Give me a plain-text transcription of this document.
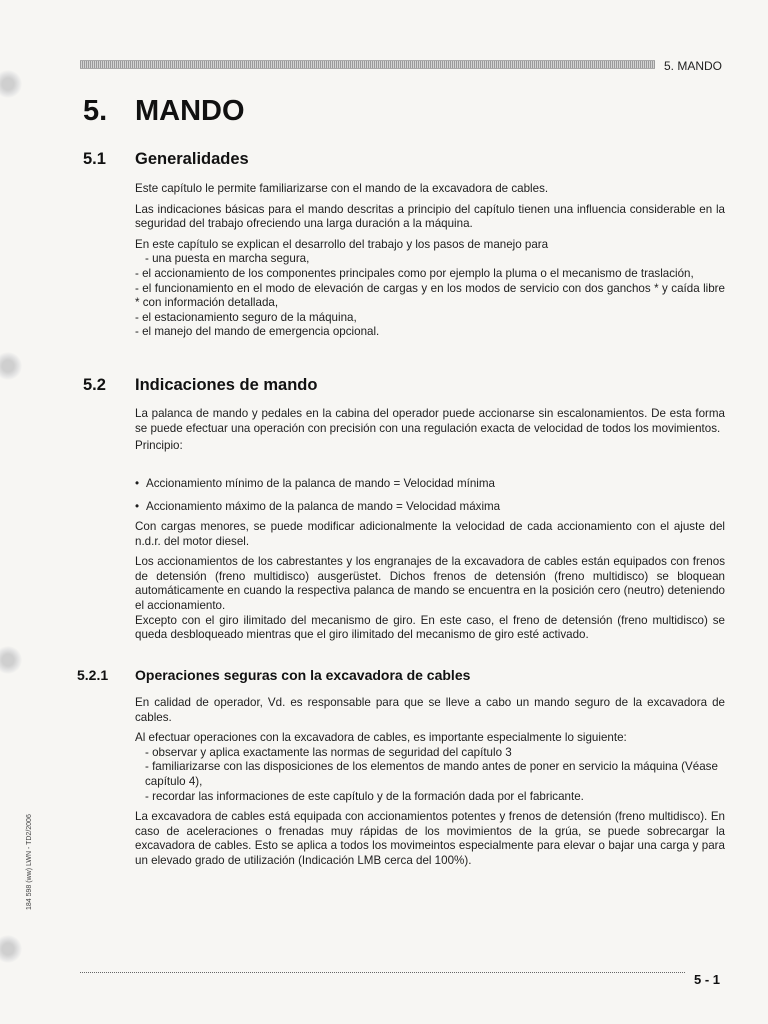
5. MANDO
5. MANDO
5.1 Generalidades

Este capítulo le permite familiarizarse con el mando de la excavadora de cables.

Las indicaciones básicas para el mando descritas a principio del capítulo tienen una influencia considerable en la seguridad del trabajo ofreciendo una larga duración a la máquina.

En este capítulo se explican el desarrollo del trabajo y los pasos de manejo para

- una puesta en marcha segura,

- el accionamiento de los componentes principales como por ejemplo la pluma o el mecanismo de traslación,

- el funcionamiento en el modo de elevación de cargas y en los modos de servicio con dos ganchos * y caída libre * con información detallada,

- el estacionamiento seguro de la máquina,

- el manejo del mando de emergencia opcional.

5.2 Indicaciones de mando

La palanca de mando y pedales en la cabina del operador puede accionarse sin escalonamientos. De esta forma se puede efectuar una operación con precisión con una regulación exacta de velocidad de todos los movimientos.

Principio:

• Accionamiento mínimo de la palanca de mando = Velocidad mínima
• Accionamiento máximo de la palanca de mando = Velocidad máxima

Con cargas menores, se puede modificar adicionalmente la velocidad de cada accionamiento con el ajuste del n.d.r. del motor diesel.

Los accionamientos de los cabrestantes y los engranajes de la excavadora de cables están equipados con frenos de detensión (freno multidisco) ausgerüstet. Dichos frenos de detensión (freno multidisco) se bloquean automáticamente en cuando la respectiva palanca de mando se encuentra en la posición cero (neutro) deteniendo el accionamiento.

Excepto con el giro ilimitado del mecanismo de giro. En este caso, el freno de detensión (freno multidisco) se queda desbloqueado mientras que el giro ilimitado del mecanismo de giro esté activado.

5.2.1 Operaciones seguras con la excavadora de cables

En calidad de operador, Vd. es responsable para que se lleve a cabo un mando seguro de la excavadora de cables.

Al efectuar operaciones con la excavadora de cables, es importante especialmente lo siguiente:

- observar y aplica exactamente las normas de seguridad del capítulo 3

- familiarizarse con las disposiciones de los elementos de mando antes de poner en servicio la máquina (Véase capítulo 4),

- recordar las informaciones de este capítulo y de la formación dada por el fabricante.

La excavadora de cables está equipada con accionamientos potentes y frenos de detensión (freno multidisco). En caso de aceleraciones o frenadas muy rápidas de los movimientos de la grúa, se puede sobrecargar la excavadora de cables. Esto se aplica a todos los movimeintos especialmente para elevar o bajar una carga y para un elevado grado de utilización (Indicación LMB cerca del 100%).

184 598 (ww) LWN - TD2/2006
5 - 1
